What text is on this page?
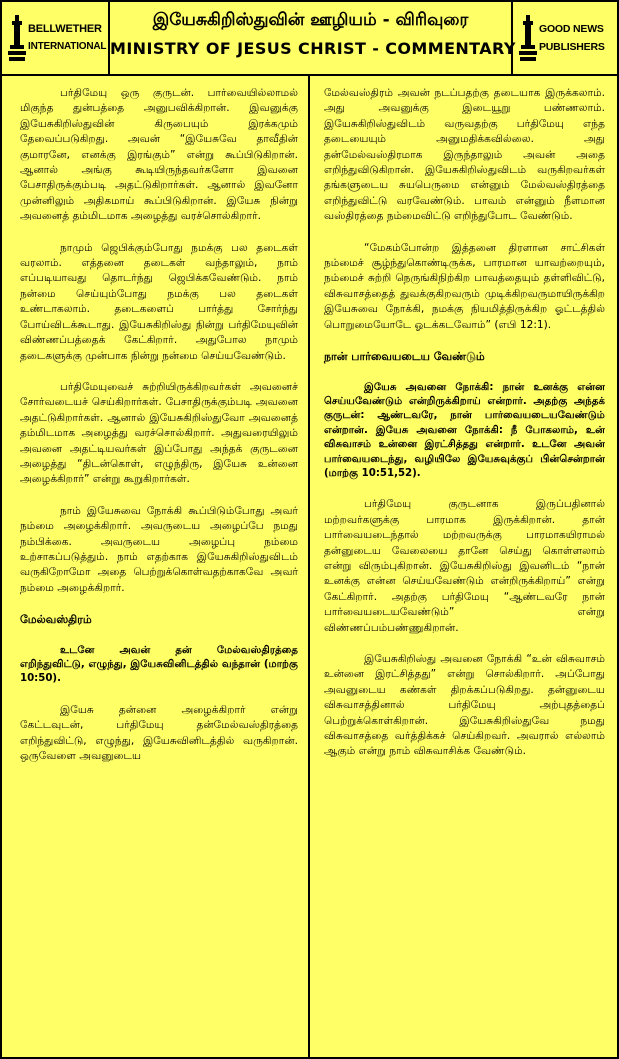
BELLWETHER
INTERNATIONAL
இயேசுகிறிஸ்துவின் ஊழியம் - விரிவுரை
MINISTRY OF JESUS CHRIST - COMMENTARY
GOOD NEWS
PUBLISHERS

பர்திமேயு ஒரு குருடன். பார்வையில்லாமல் மிகுந்த துன்பத்தை அனுபவிக்கிறான். இவனுக்கு இயேசுகிறிஸ்துவின் கிருபையும் இரக்கமும் தேவைப்படுகிறது. அவன் “இயேசுவே தாவீதின் குமாரனே, எனக்கு இரங்கும்” என்று கூப்பிடுகிறான். ஆனால் அங்கு கூடியிருந்தவர்களோ இவனை பேசாதிருக்கும்படி அதட்டுகிறார்கள். ஆனால் இவனோ முன்னிலும் அதிகமாய் கூப்பிடுகிறான். இயேசு நின்று அவனைத் தம்மிடமாக அழைத்து வரச்சொல்கிறார்.

நாமும் ஜெபிக்கும்போது நமக்கு பல தடைகள் வரலாம். எத்தனை தடைகள் வந்தாலும், நாம் எப்படியாவது தொடர்ந்து ஜெபிக்கவேண்டும். நாம் நன்மை செய்யும்போது நமக்கு பல தடைகள் உண்டாகலாம். தடைகளைப் பார்த்து சோர்ந்து போய்விடக்கூடாது. இயேசுகிறிஸ்து நின்று பர்திமேயுவின் விண்ணப்பத்தைக் கேட்கிறார். அதுபோல நாமும் தடைகளுக்கு முன்பாக நின்று நன்மை செய்யவேண்டும்.

பர்திமேயுவைச் சுற்றியிருக்கிறவர்கள் அவனைச் சோர்வடையச் செய்கிறார்கள். பேசாதிருக்கும்படி அவனை அதட்டுகிறார்கள். ஆனால் இயேசுகிறிஸ்துவோ அவனைத் தம்மிடமாக அழைத்து வரச்சொல்கிறார். அதுவரையிலும் அவனை அதட்டியவர்கள் இப்போது அந்தக் குருடனை அழைத்து “திடன்கொள், எழுந்திரு, இயேசு உன்னை அழைக்கிறார்” என்று கூறுகிறார்கள்.

நாம் இயேசுவை நோக்கி கூப்பிடும்போது அவர் நம்மை அழைக்கிறார். அவருடைய அழைப்பே நமது நம்பிக்கை. அவருடைய அழைப்பு நம்மை உற்சாகப்படுத்தும். நாம் எதற்காக இயேசுகிறிஸ்துவிடம் வருகிறோமோ அதை பெற்றுக்கொள்வதற்காகவே அவர் நம்மை அழைக்கிறார்.

மேல்வஸ்திரம்

உடனே அவன் தன் மேல்வஸ்திரத்தை எறிந்துவிட்டு, எழுந்து, இயேசுவினிடத்தில் வந்தான் (மாற்கு 10:50).

இயேசு தன்னை அழைக்கிறார் என்று கேட்டவுடன், பர்திமேயு தன்மேல்வஸ்திரத்தை எறிந்துவிட்டு, எழுந்து, இயேசுவினிடத்தில் வருகிறான். ஒருவேளை அவனுடைய

மேல்வஸ்திரம் அவன் நடப்பதற்கு தடையாக இருக்கலாம். அது அவனுக்கு இடையூறு பண்ணலாம். இயேசுகிறிஸ்துவிடம் வருவதற்கு பர்திமேயு எந்த தடையையும் அனுமதிக்கவில்லை. அது தன்மேல்வஸ்திரமாக இருந்தாலும் அவன் அதை எறிந்துவிடுகிறான். இயேசுகிறிஸ்துவிடம் வருகிறவர்கள் தங்களுடைய சுயபெருமை என்னும் மேல்வஸ்திரத்தை எறிந்துவிட்டு வரவேண்டும். பாவம் என்னும் நீளமான வஸ்திரத்தை நம்மைவிட்டு எறிந்துபோட வேண்டும்.

“மேகம்போன்ற இத்தனை திரளான சாட்சிகள் நம்மைச் சூழ்ந்துகொண்டிருக்க, பாரமான யாவற்றையும், நம்மைச் சுற்றி நெருங்கிநிற்கிற பாவத்தையும் தள்ளிவிட்டு, விசுவாசத்தைத் துவக்குகிறவரும் முடிக்கிறவருமாயிருக்கிற இயேசுவை நோக்கி, நமக்கு நியமித்திருக்கிற ஓட்டத்தில் பொறுமையோடே ஓடக்கடவோம்” (எபி 12:1).

நான் பார்வையடைய வேண்டும்

இயேசு அவனை நோக்கி: நான் உனக்கு என்ன செய்யவேண்டும் என்றிருக்கிறாய் என்றார். அதற்கு அந்தக் குருடன்: ஆண்டவரே, நான் பார்வையடையவேண்டும் என்றான். இயேசு அவனை நோக்கி: நீ போகலாம், உன் விசுவாசம் உன்னை இரட்சித்தது என்றார். உடனே அவன் பார்வையடைந்து, வழியிலே இயேசுவுக்குப் பின்சென்றான் (மாற்கு 10:51,52).

பர்திமேயு குருடனாக இருப்பதினால் மற்றவர்களுக்கு பாரமாக இருக்கிறான். தான் பார்வையடைந்தால் மற்றவருக்கு பாரமாகயிராமல் தன்னுடைய வேலையை தானே செய்து கொள்ளலாம் என்று விரும்புகிறான். இயேசுகிறிஸ்து இவனிடம் “நான் உனக்கு என்ன செய்யவேண்டும் என்றிருக்கிறாய்” என்று கேட்கிறார். அதற்கு பர்திமேயு “ஆண்டவரே நான் பார்வையடையவேண்டும்” என்று விண்ணப்பம்பண்ணுகிறான்.

இயேசுகிறிஸ்து அவனை நோக்கி “உன் விசுவாசம் உன்னை இரட்சித்தது” என்று சொல்கிறார். அப்போது அவனுடைய கண்கள் திறக்கப்படுகிறது. தன்னுடைய விசுவாசத்தினால் பர்திமேயு அற்புதத்தைப் பெற்றுக்கொள்கிறான். இயேசுகிறிஸ்துவே நமது விசுவாசத்தை வர்த்திக்கச் செய்கிறவர். அவரால் எல்லாம் ஆகும் என்று நாம் விசுவாசிக்க வேண்டும்.
